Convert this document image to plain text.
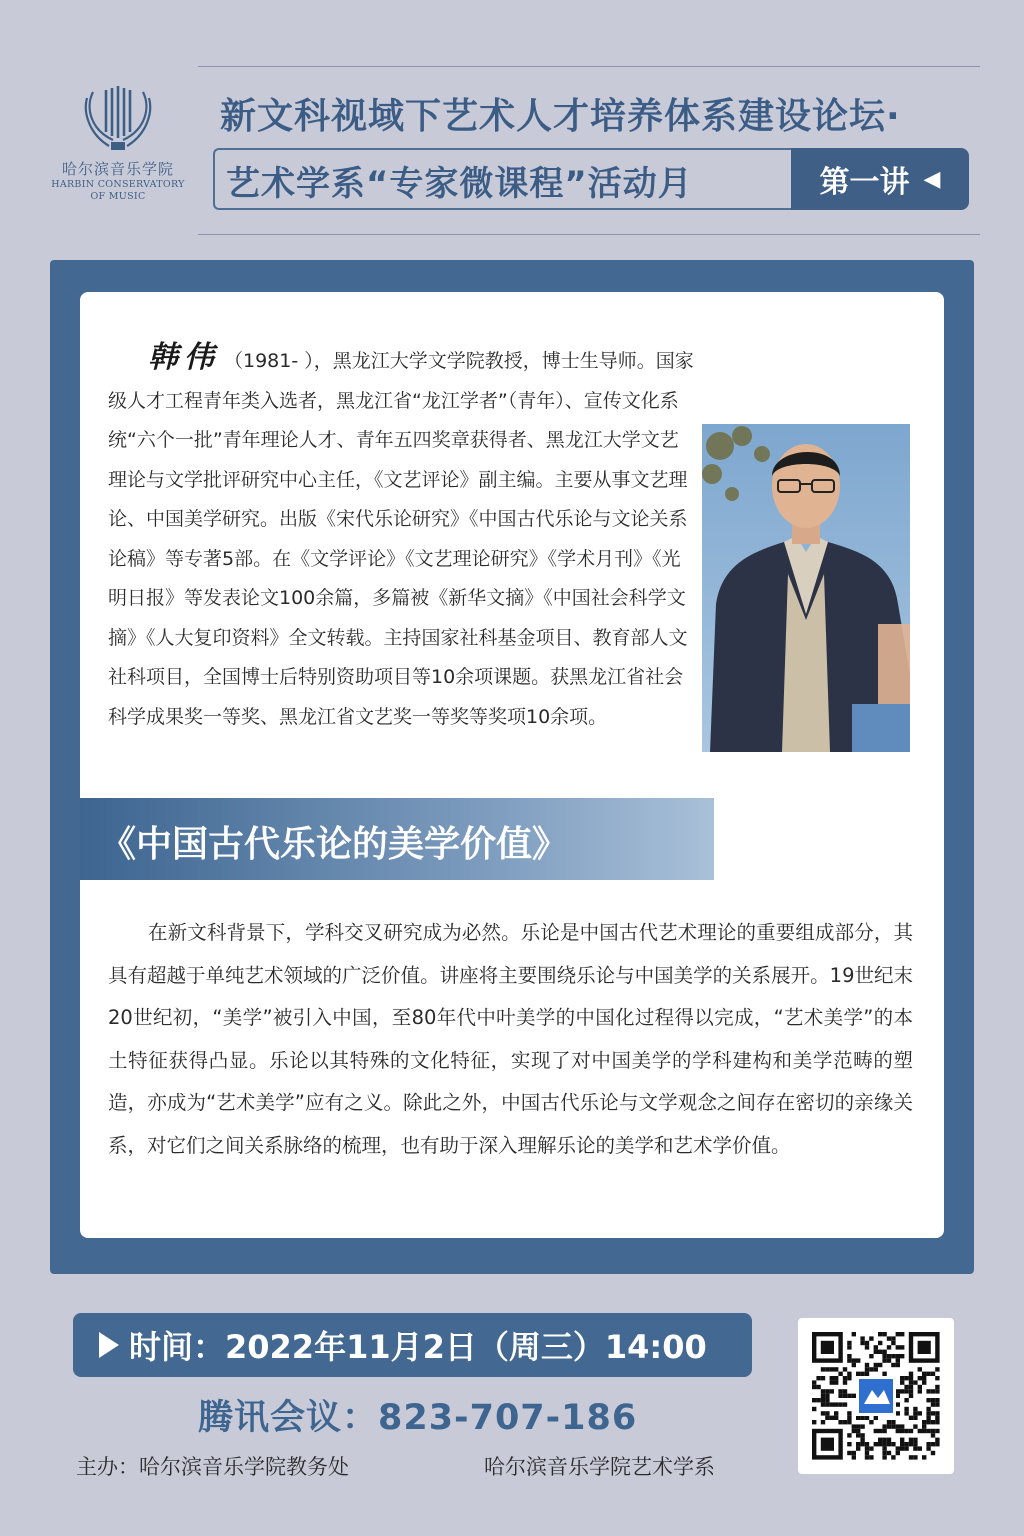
哈尔滨音乐学院
HARBIN CONSERVATORY
OF MUSIC
新文科视域下艺术人才培养体系建设论坛·
艺术学系“专家微课程”活动月	第一讲 ◀
韩伟 （1981- ），黑龙江大学文学院教授，博士生导师。国家级人才工程青年类入选者，黑龙江省“龙江学者”（青年）、宣传文化系统“六个一批”青年理论人才、青年五四奖章获得者、黑龙江大学文艺理论与文学批评研究中心主任，《文艺评论》副主编。主要从事文艺理论、中国美学研究。出版《宋代乐论研究》《中国古代乐论与文论关系论稿》等专著5部。在《文学评论》《文艺理论研究》《学术月刊》《光明日报》等发表论文100余篇，多篇被《新华文摘》《中国社会科学文摘》《人大复印资料》全文转载。主持国家社科基金项目、教育部人文社科项目，全国博士后特别资助项目等10余项课题。获黑龙江省社会科学成果奖一等奖、黑龙江省文艺奖一等奖等奖项10余项。
《中国古代乐论的美学价值》
在新文科背景下，学科交叉研究成为必然。乐论是中国古代艺术理论的重要组成部分，其具有超越于单纯艺术领域的广泛价值。讲座将主要围绕乐论与中国美学的关系展开。19世纪末20世纪初，“美学”被引入中国，至80年代中叶美学的中国化过程得以完成，“艺术美学”的本土特征获得凸显。乐论以其特殊的文化特征，实现了对中国美学的学科建构和美学范畴的塑造，亦成为“艺术美学”应有之义。除此之外，中国古代乐论与文学观念之间存在密切的亲缘关系，对它们之间关系脉络的梳理，也有助于深入理解乐论的美学和艺术学价值。
时间：2022年11月2日（周三）14:00
腾讯会议：823-707-186
主办：哈尔滨音乐学院教务处	哈尔滨音乐学院艺术学系
